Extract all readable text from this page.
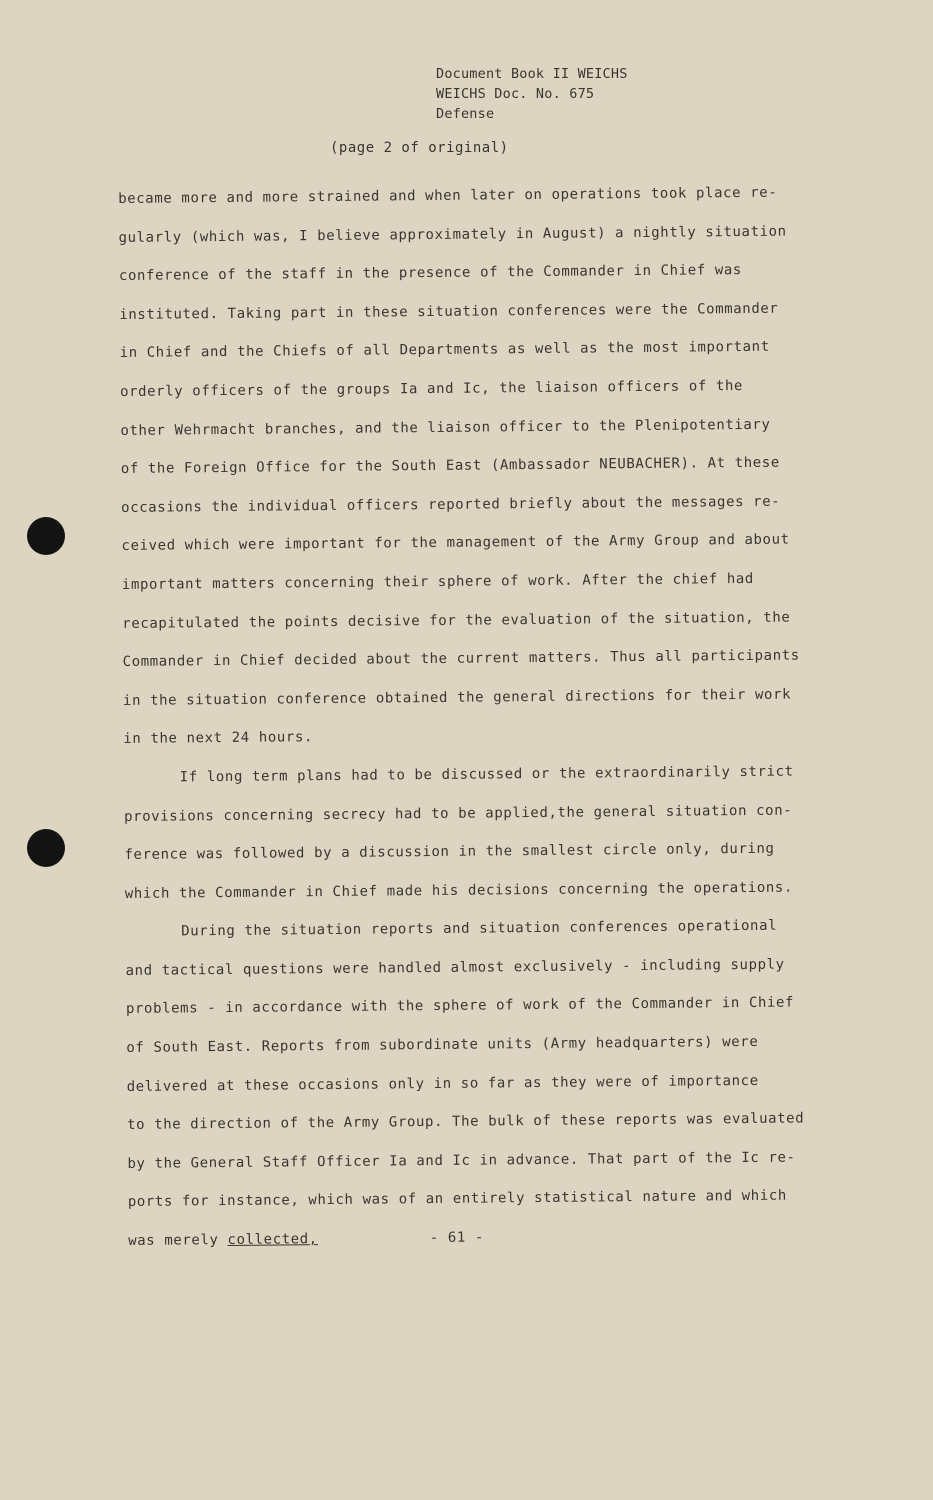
Document Book II WEICHS
WEICHS Doc. No. 675
Defense
(page 2 of original)
became more and more strained and when later on operations took place re-
gularly (which was, I believe approximately in August) a nightly situation
conference of the staff in the presence of the Commander in Chief was
instituted. Taking part in these situation conferences were the Commander
in Chief and the Chiefs of all Departments as well as the most important
orderly officers of the groups Ia and Ic, the liaison officers of the
other Wehrmacht branches, and the liaison officer to the Plenipotentiary
of the Foreign Office for the South East (Ambassador NEUBACHER). At these
occasions the individual officers reported briefly about the messages re-
ceived which were important for the management of the Army Group and about
important matters concerning their sphere of work. After the chief had
recapitulated the points decisive for the evaluation of the situation, the
Commander in Chief decided about the current matters. Thus all participants
in the situation conference obtained the general directions for their work
in the next 24 hours.
If long term plans had to be discussed or the extraordinarily strict
provisions concerning secrecy had to be applied,the general situation con-
ference was followed by a discussion in the smallest circle only, during
which the Commander in Chief made his decisions concerning the operations.
During the situation reports and situation conferences operational
and tactical questions were handled almost exclusively - including supply
problems - in accordance with the sphere of work of the Commander in Chief
of South East. Reports from subordinate units (Army headquarters) were
delivered at these occasions only in so far as they were of importance
to the direction of the Army Group. The bulk of these reports was evaluated
by the General Staff Officer Ia and Ic in advance. That part of the Ic re-
ports for instance, which was of an entirely statistical nature and which
was merely collected,	- 61 -
